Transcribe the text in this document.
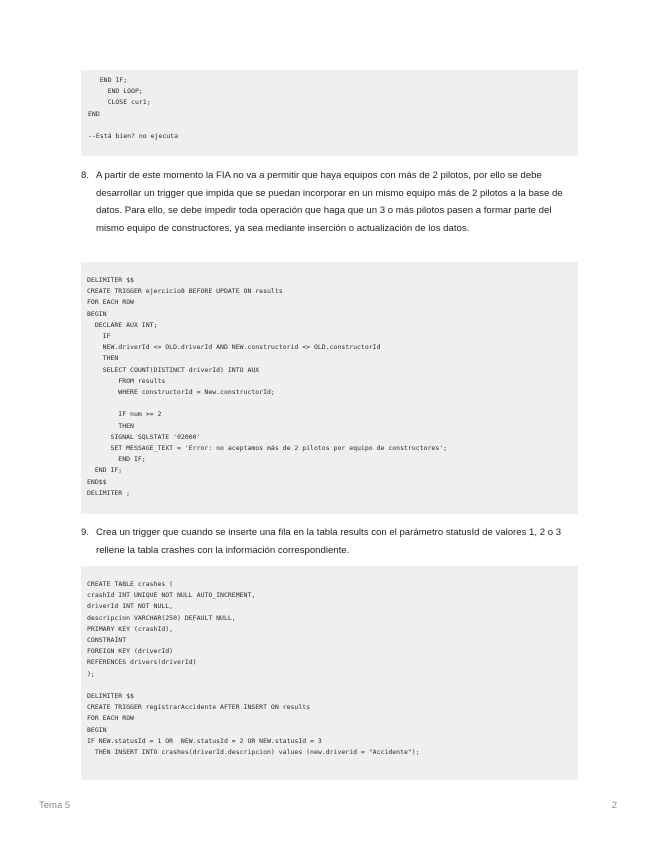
END IF;
END LOOP;
CLOSE cur1;
END

--Está bien? no ejecuta
8. A partir de este momento la FIA no va a permitir que haya equipos con más de 2 pilotos, por ello se debe desarrollar un trigger que impida que se puedan incorporar en un mismo equipo más de 2 pilotos a la base de datos. Para ello, se debe impedir toda operación que haga que un 3 o más pilotos pasen a formar parte del mismo equipo de constructores, ya sea mediante inserción o actualización de los datos.
DELIMITER $$
CREATE TRIGGER ejercicio8 BEFORE UPDATE ON results
FOR EACH ROW
BEGIN
DECLARE AUX INT;
IF
NEW.driverId <> OLD.driverId AND NEW.constructorid <> OLD.constructorId
THEN
SELECT COUNT(DISTINCT driverId) INTO AUX
FROM results
WHERE constructorId = New.constructorId;

IF num >= 2
THEN
SIGNAL SQLSTATE '02000'
SET MESSAGE_TEXT = 'Error: no aceptamos más de 2 pilotos por equipo de constructores';
END IF;
END IF;
END$$
DELIMITER ;
9. Crea un trigger que cuando se inserte una fila en la tabla results con el parámetro statusId de valores 1, 2 o 3 rellene la tabla crashes con la información correspondiente.
CREATE TABLE crashes (
crashId INT UNIQUE NOT NULL AUTO_INCREMENT,
driverId INT NOT NULL,
descripcion VARCHAR(250) DEFAULT NULL,
PRIMARY KEY (crashId),
CONSTRAINT
FOREIGN KEY (driverId)
REFERENCES drivers(driverId)
);

DELIMITER $$
CREATE TRIGGER registrarAccidente AFTER INSERT ON results
FOR EACH ROW
BEGIN
IF NEW.statusId = 1 OR  NEW.statusId = 2 OR NEW.statusId = 3
THEN INSERT INTO crashes(driverId.descripcion) values (new.driverid = "Accidente");
Tema 5	2
